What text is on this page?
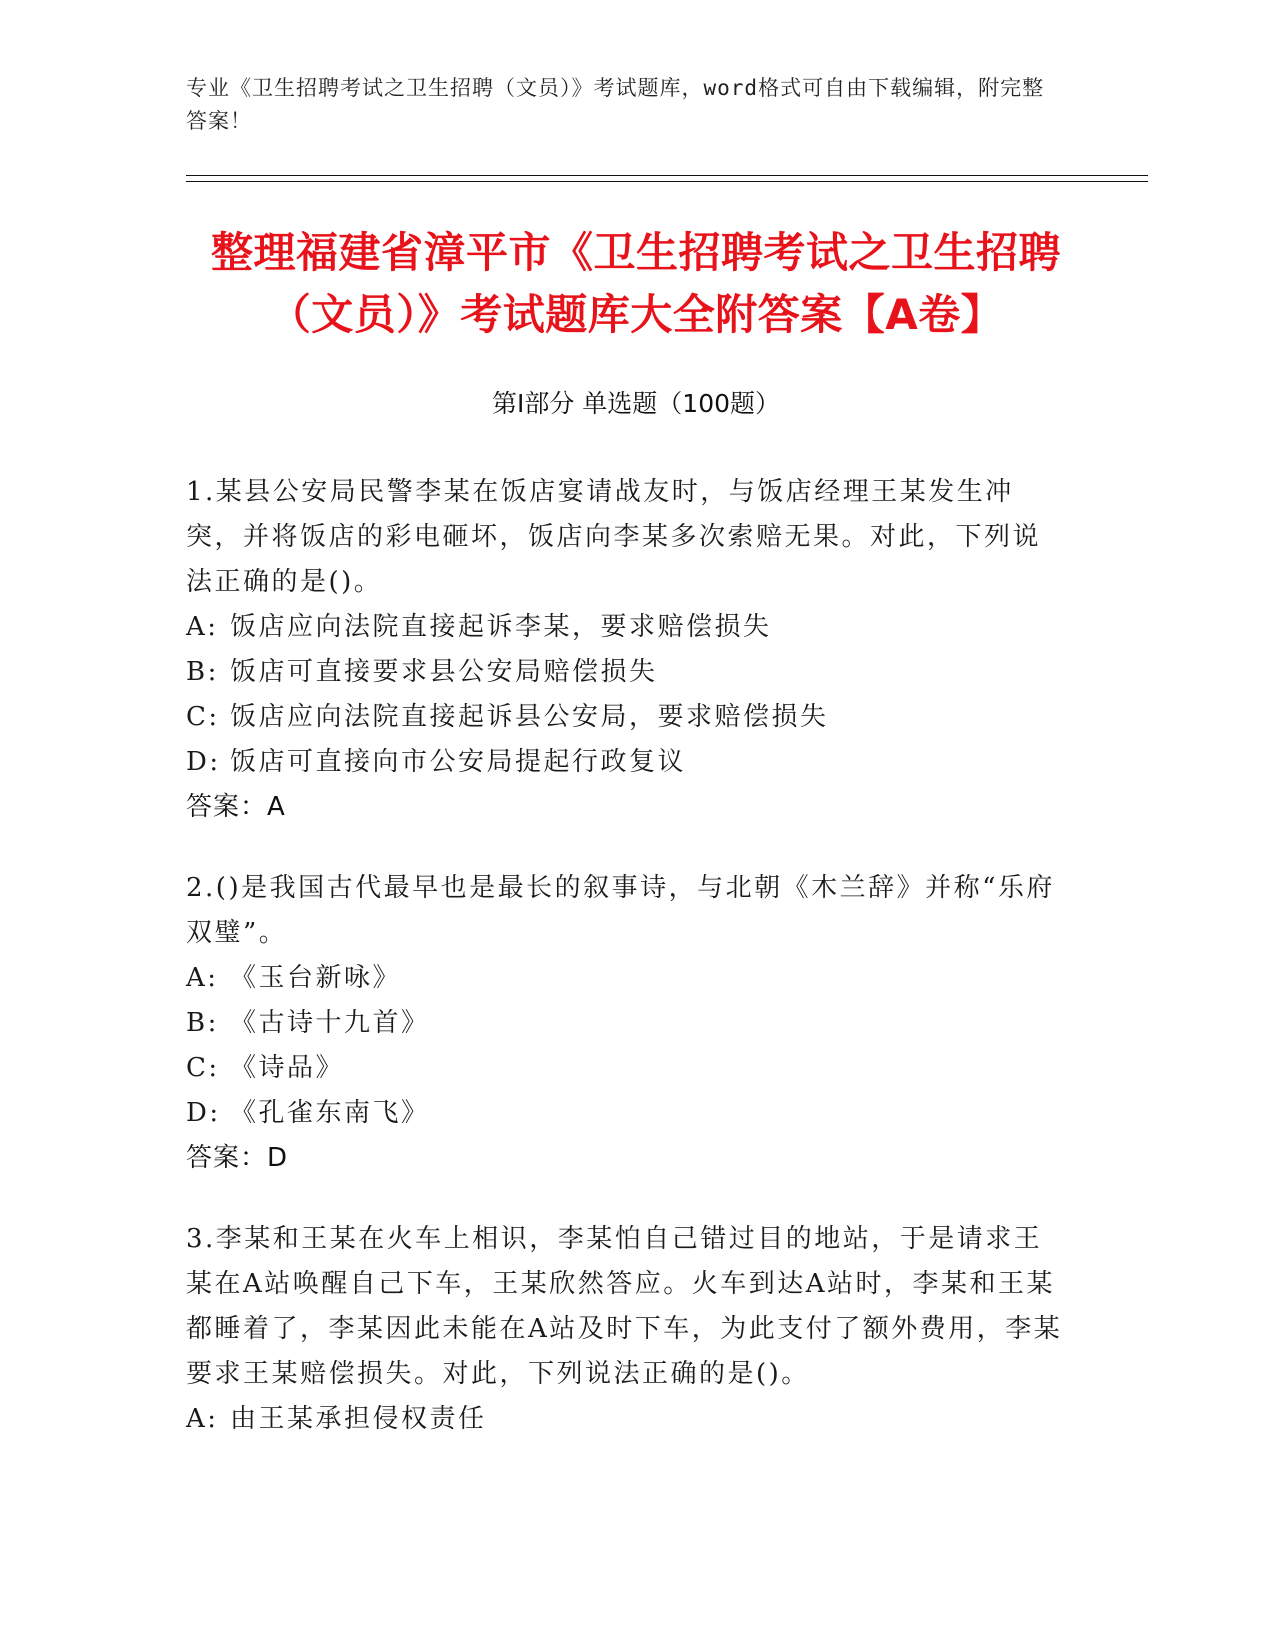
专业《卫生招聘考试之卫生招聘（文员）》考试题库，word格式可自由下载编辑，附完整答案！
整理福建省漳平市《卫生招聘考试之卫生招聘（文员）》考试题库大全附答案【A卷】
第Ⅰ部分 单选题（100题）

1.某县公安局民警李某在饭店宴请战友时，与饭店经理王某发生冲突，并将饭店的彩电砸坏，饭店向李某多次索赔无果。对此，下列说法正确的是()。

A: 饭店应向法院直接起诉李某，要求赔偿损失

B: 饭店可直接要求县公安局赔偿损失

C: 饭店应向法院直接起诉县公安局，要求赔偿损失

D: 饭店可直接向市公安局提起行政复议

答案：A

2.()是我国古代最早也是最长的叙事诗，与北朝《木兰辞》并称“乐府双璧”。

A: 《玉台新咏》

B: 《古诗十九首》

C: 《诗品》

D: 《孔雀东南飞》

答案：D

3.李某和王某在火车上相识，李某怕自己错过目的地站，于是请求王某在A站唤醒自己下车，王某欣然答应。火车到达A站时，李某和王某都睡着了，李某因此未能在A站及时下车，为此支付了额外费用，李某要求王某赔偿损失。对此，下列说法正确的是()。

A: 由王某承担侵权责任
